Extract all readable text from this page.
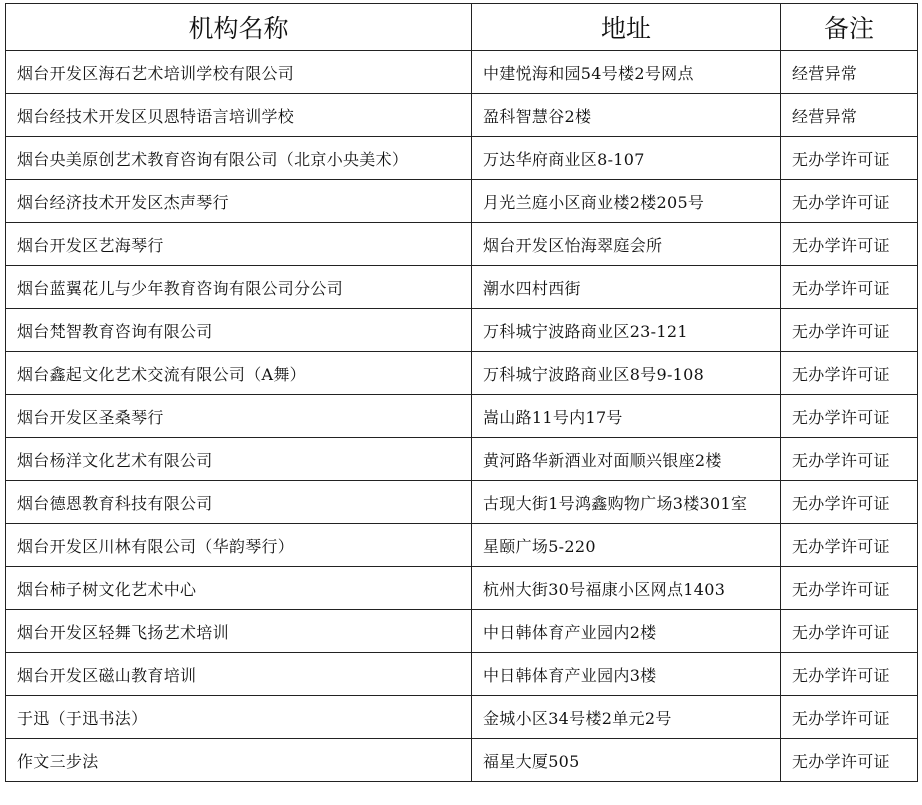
机构名称	地址	备注
烟台开发区海石艺术培训学校有限公司	中建悦海和园54号楼2号网点	经营异常
烟台经技术开发区贝恩特语言培训学校	盈科智慧谷2楼	经营异常
烟台央美原创艺术教育咨询有限公司（北京小央美术）	万达华府商业区8-107	无办学许可证
烟台经济技术开发区杰声琴行	月光兰庭小区商业楼2楼205号	无办学许可证
烟台开发区艺海琴行	烟台开发区怡海翠庭会所	无办学许可证
烟台蓝翼花儿与少年教育咨询有限公司分公司	潮水四村西街	无办学许可证
烟台梵智教育咨询有限公司	万科城宁波路商业区23-121	无办学许可证
烟台鑫起文化艺术交流有限公司（A舞）	万科城宁波路商业区8号9-108	无办学许可证
烟台开发区圣桑琴行	嵩山路11号内17号	无办学许可证
烟台杨洋文化艺术有限公司	黄河路华新酒业对面顺兴银座2楼	无办学许可证
烟台德恩教育科技有限公司	古现大街1号鸿鑫购物广场3楼301室	无办学许可证
烟台开发区川林有限公司（华韵琴行）	星颐广场5-220	无办学许可证
烟台柿子树文化艺术中心	杭州大街30号福康小区网点1403	无办学许可证
烟台开发区轻舞飞扬艺术培训	中日韩体育产业园内2楼	无办学许可证
烟台开发区磁山教育培训	中日韩体育产业园内3楼	无办学许可证
于迅（于迅书法）	金城小区34号楼2单元2号	无办学许可证
作文三步法	福星大厦505	无办学许可证
